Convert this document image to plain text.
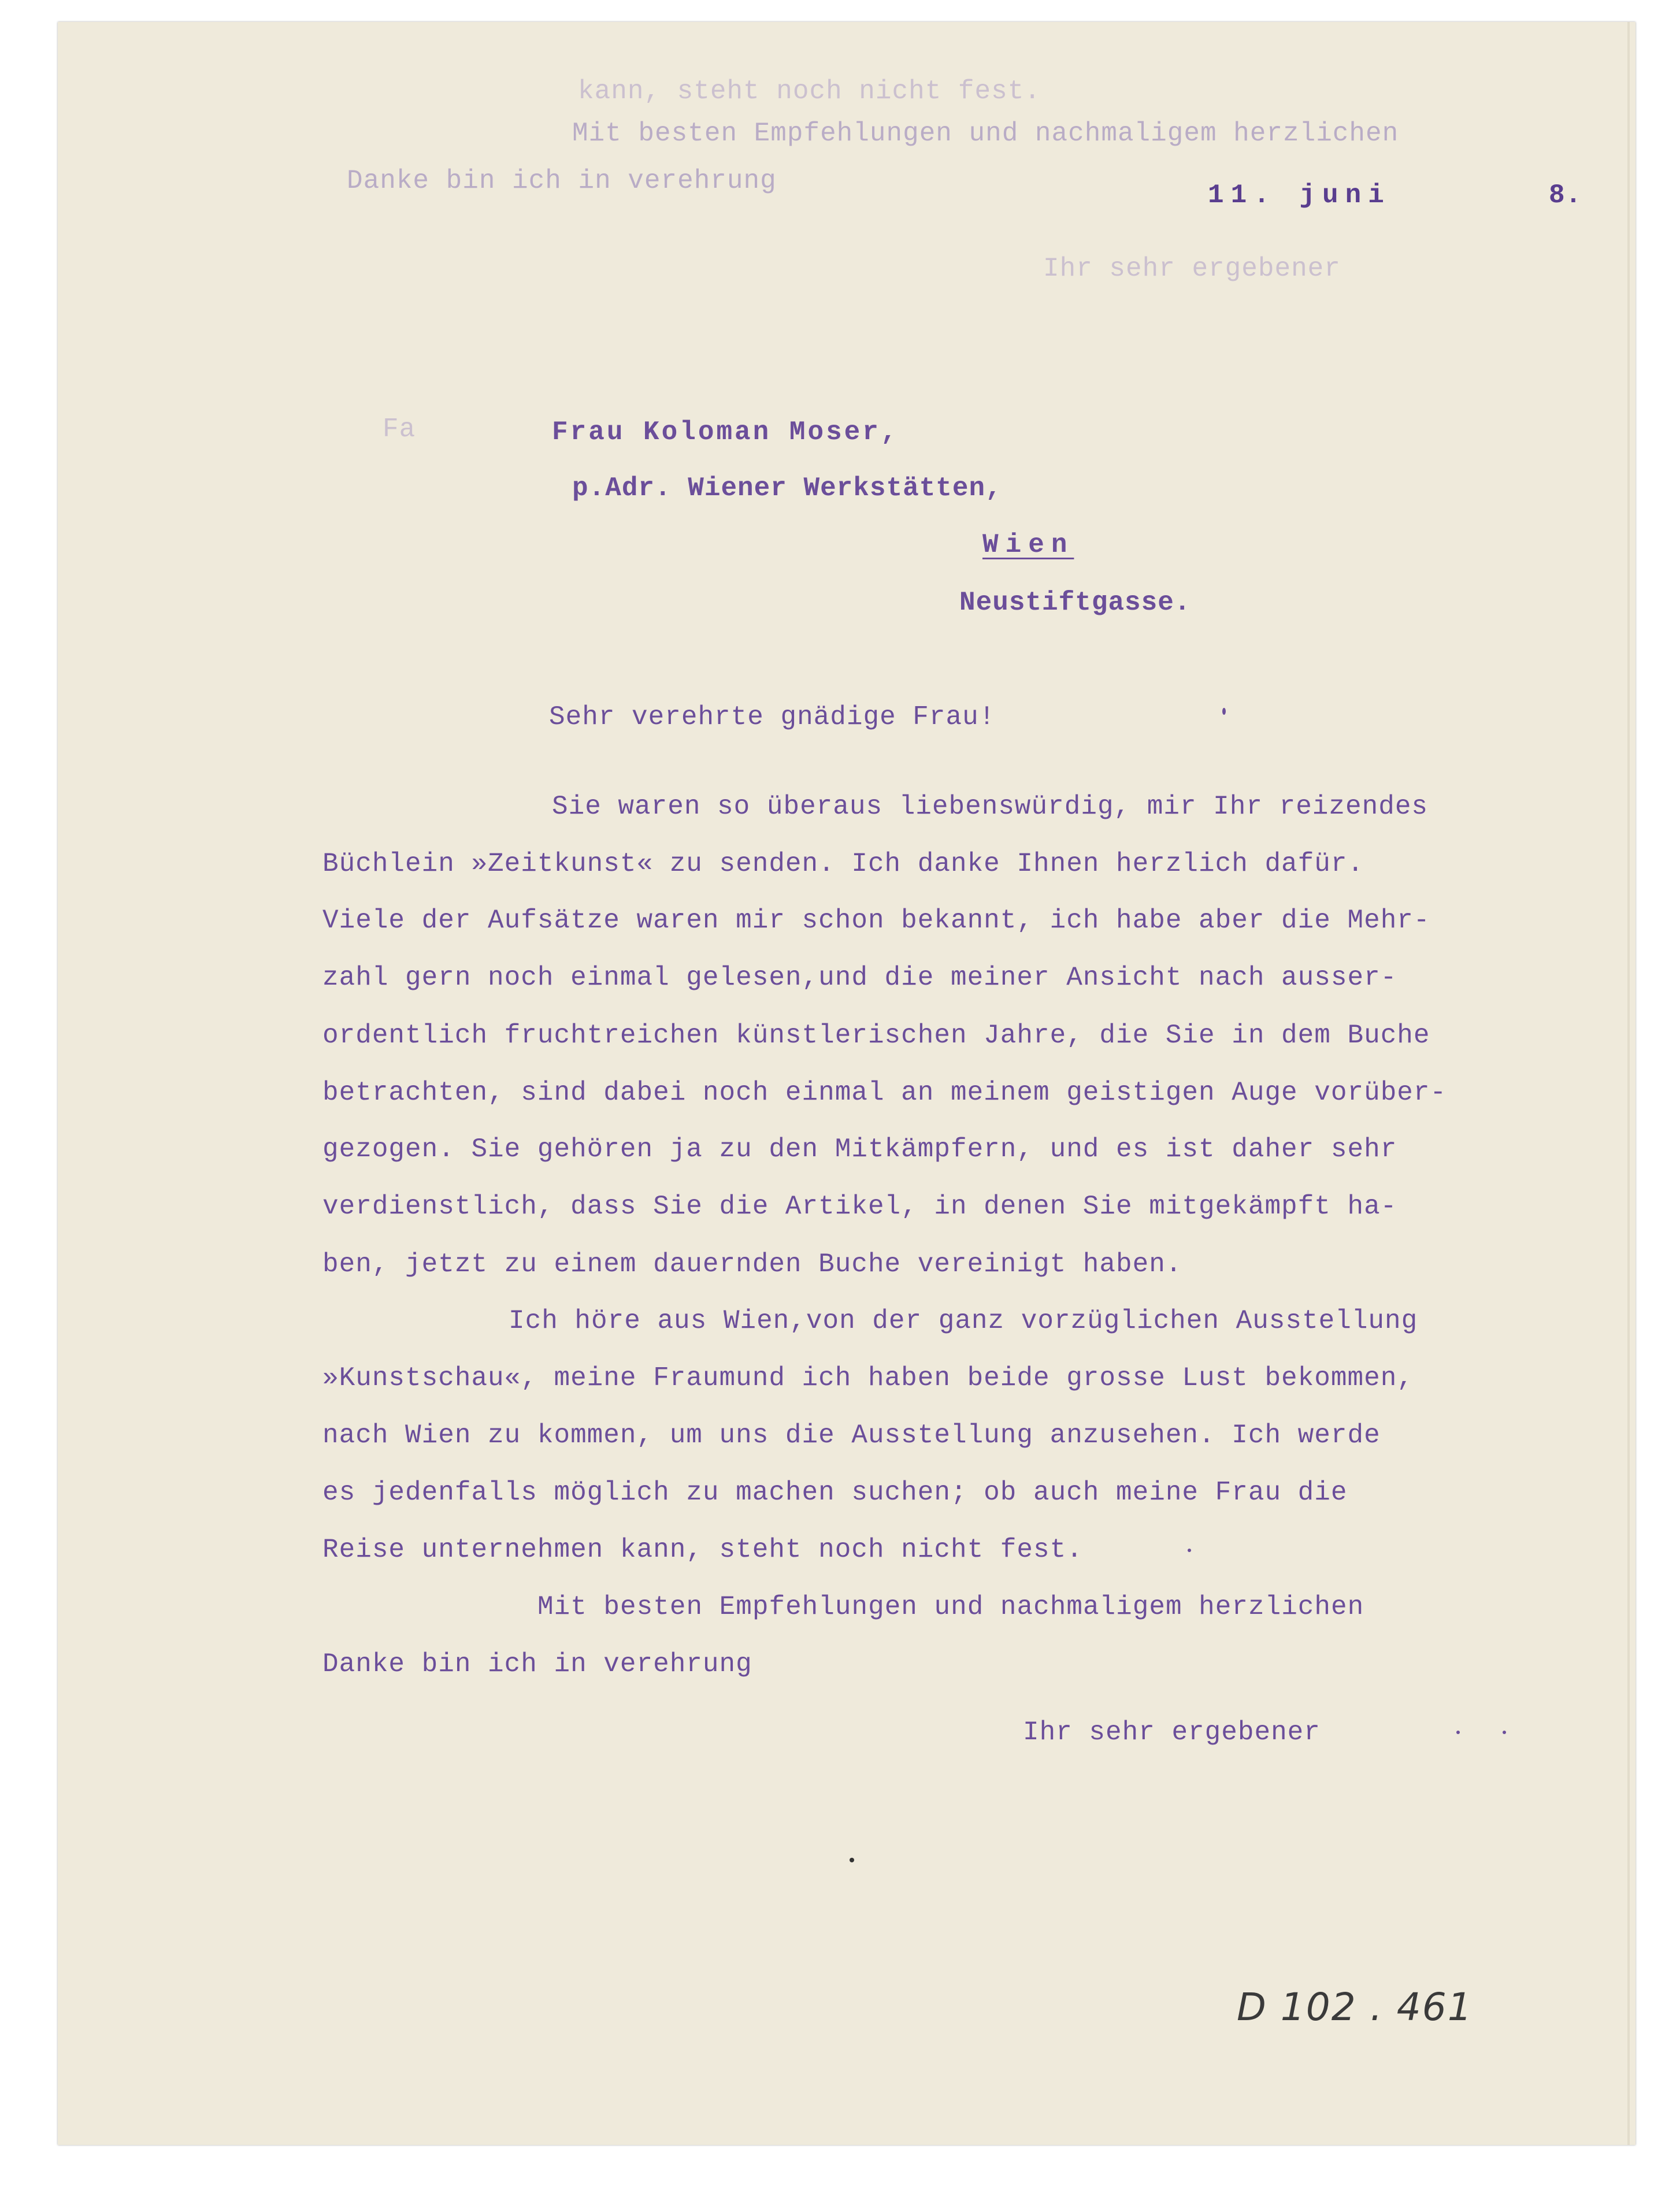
kann, steht noch nicht fest.
Mit besten Empfehlungen und nachmaligem herzlichen
Danke bin ich in verehrung
Ihr sehr ergebener
Fa
11. juni	8.
Frau Koloman Moser,
p.Adr. Wiener Werkstätten,
Wien
Neustiftgasse.
Sehr verehrte gnädige Frau!
Sie waren so überaus liebenswürdig, mir Ihr reizendes
Büchlein »Zeitkunst« zu senden. Ich danke Ihnen herzlich dafür.
Viele der Aufsätze waren mir schon bekannt, ich habe aber die Mehr-
zahl gern noch einmal gelesen,und die meiner Ansicht nach ausser-
ordentlich fruchtreichen künstlerischen Jahre, die Sie in dem Buche
betrachten, sind dabei noch einmal an meinem geistigen Auge vorüber-
gezogen. Sie gehören ja zu den Mitkämpfern, und es ist daher sehr
verdienstlich, dass Sie die Artikel, in denen Sie mitgekämpft ha-
ben, jetzt zu einem dauernden Buche vereinigt haben.
Ich höre aus Wien,von der ganz vorzüglichen Ausstellung
»Kunstschau«, meine Fraumund ich haben beide grosse Lust bekommen,
nach Wien zu kommen, um uns die Ausstellung anzusehen. Ich werde
es jedenfalls möglich zu machen suchen; ob auch meine Frau die
Reise unternehmen kann, steht noch nicht fest.
Mit besten Empfehlungen und nachmaligem herzlichen
Danke bin ich in verehrung
Ihr sehr ergebener
D 102 . 461
